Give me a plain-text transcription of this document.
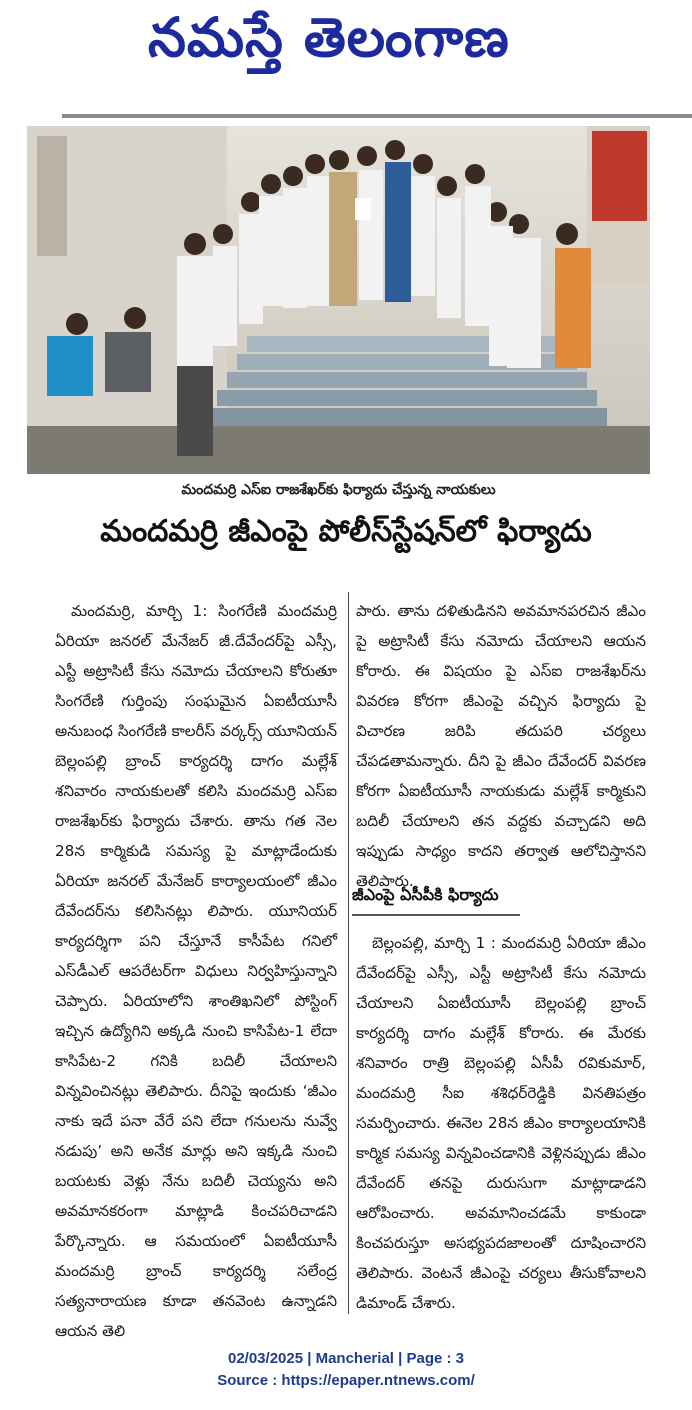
నమస్తే తెలంగాణ
మందమర్రి ఎస్ఐ రాజశేఖర్‌కు ఫిర్యాదు చేస్తున్న నాయకులు
మందమర్రి జీఎంపై పోలీస్‌స్టేషన్‌లో ఫిర్యాదు

మందమర్రి, మార్చి 1: సింగరేణి మందమర్రి ఏరియా జనరల్ మేనేజర్ జీ.దేవేందర్‌పై ఎస్సీ, ఎస్టీ అట్రాసిటీ కేసు నమోదు చేయాలని కోరుతూ సింగరేణి గుర్తింపు సంఘమైన ఏఐటీయూసీ అనుబంధ సింగరేణి కాలరీస్ వర్కర్స్ యూనియన్ బెల్లంపల్లి బ్రాంచ్ కార్యదర్శి దాగం మల్లేశ్ శనివారం నాయకులతో కలిసి మందమర్రి ఎస్ఐ రాజశేఖర్‌కు ఫిర్యాదు చేశారు. తాను గత నెల 28న కార్మికుడి సమస్య పై మాట్లాడేందుకు ఏరియా జనరల్ మేనేజర్ కార్యాలయంలో జీఎం దేవేందర్‌ను కలిసినట్లు లిపారు. యూనియర్ కార్యదర్శిగా పని చేస్తూనే కాసీపేట గనిలో ఎస్‌డీఎల్ ఆపరేటర్‌గా విధులు నిర్వహిస్తున్నాని చెప్పారు. ఏరియాలోని శాంతిఖనిలో పోస్టింగ్ ఇచ్చిన ఉద్యోగిని అక్కడి నుంచి కాసిపేట-1 లేదా కాసిపేట-2 గనికి బదిలీ చేయాలని విన్నవించినట్లు తెలిపారు. దీనిపై ఇందుకు ‘జీఎం నాకు ఇదే పనా వేరే పని లేదా గనులను నువ్వే నడుపు’ అని అనేక మార్లు అని ఇక్కడి నుంచి బయటకు వెళ్లు నేను బదిలీ చెయ్యను అని అవమానకరంగా మాట్లాడి కించపరిచాడని పేర్కొన్నారు. ఆ సమయంలో ఏఐటీయూసీ మందమర్రి బ్రాంచ్ కార్యదర్శి సలేంద్ర సత్యనారాయణ కూడా తనవెంట ఉన్నాడని ఆయన తెలి

పారు. తాను దళితుడినని అవమానపరచిన జీఎం పై అట్రాసిటీ కేసు నమోదు చేయాలని ఆయన కోరారు. ఈ విషయం పై ఎస్ఐ రాజశేఖర్‌ను వివరణ కోరగా జీఎంపై వచ్చిన ఫిర్యాదు పై విచారణ జరిపి తదుపరి చర్యలు చేపడతామన్నారు. దీని పై జీఎం దేవేందర్ వివరణ కోరగా ఏఐటీయూసీ నాయకుడు మల్లేశ్ కార్మికుని బదిలీ చేయాలని తన వద్దకు వచ్చాడని అది ఇప్పుడు సాధ్యం కాదని తర్వాత ఆలోచిస్తానని తెలిపారు.

జీఎంపై ఏసీపీకి ఫిర్యాదు

బెల్లంపల్లి, మార్చి 1 : మందమర్రి ఏరియా జీఎం దేవేందర్‌పై ఎస్సీ, ఎస్టీ అట్రాసిటీ కేసు నమోదు చేయాలని ఏఐటీయూసీ బెల్లంపల్లి బ్రాంచ్ కార్యదర్శి దాగం మల్లేశ్ కోరారు. ఈ మేరకు శనివారం రాత్రి బెల్లంపల్లి ఏసీపీ రవికుమార్, మందమర్రి సీఐ శశిధర్‌రెడ్డికి వినతిపత్రం సమర్పించారు. ఈనెల 28న జీఎం కార్యాలయానికి కార్మిక సమస్య విన్నవించడానికి వెళ్లినప్పుడు జీఎం దేవేందర్ తనపై దురుసుగా మాట్లాడాడని ఆరోపించారు. అవమానించడమే కాకుండా కించపరుస్తూ అసభ్యపదజాలంతో దూషించారని తెలిపారు. వెంటనే జీఎంపై చర్యలు తీసుకోవాలని డిమాండ్ చేశారు.

02/03/2025 | Mancherial | Page : 3
Source : https://epaper.ntnews.com/
